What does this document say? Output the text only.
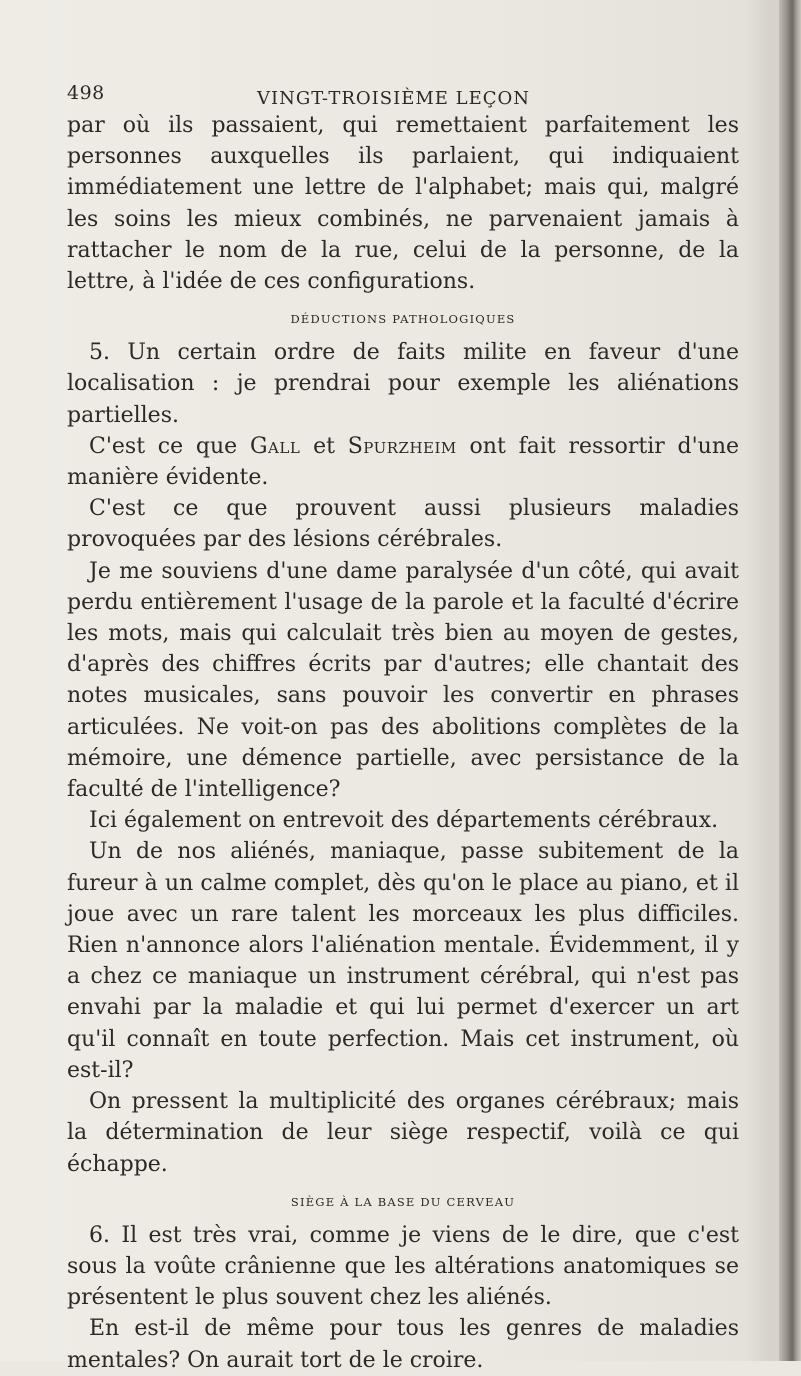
498	VINGT-TROISIÈME LEÇON

par où ils passaient, qui remettaient parfaitement les personnes auxquelles ils parlaient, qui indiquaient immédiatement une lettre de l'alphabet; mais qui, malgré les soins les mieux combinés, ne parvenaient jamais à rattacher le nom de la rue, celui de la personne, de la lettre, à l'idée de ces configurations.

DÉDUCTIONS PATHOLOGIQUES

5. Un certain ordre de faits milite en faveur d'une localisation : je prendrai pour exemple les aliénations partielles.

C'est ce que Gall et Spurzheim ont fait ressortir d'une manière évidente.

C'est ce que prouvent aussi plusieurs maladies provoquées par des lésions cérébrales.

Je me souviens d'une dame paralysée d'un côté, qui avait perdu entièrement l'usage de la parole et la faculté d'écrire les mots, mais qui calculait très bien au moyen de gestes, d'après des chiffres écrits par d'autres; elle chantait des notes musicales, sans pouvoir les convertir en phrases articulées. Ne voit-on pas des abolitions complètes de la mémoire, une démence partielle, avec persistance de la faculté de l'intelligence?

Ici également on entrevoit des départements cérébraux.

Un de nos aliénés, maniaque, passe subitement de la fureur à un calme complet, dès qu'on le place au piano, et il joue avec un rare talent les morceaux les plus difficiles. Rien n'annonce alors l'aliénation mentale. Évidemment, il y a chez ce maniaque un instrument cérébral, qui n'est pas envahi par la maladie et qui lui permet d'exercer un art qu'il connaît en toute perfection. Mais cet instrument, où est-il?

On pressent la multiplicité des organes cérébraux; mais la détermination de leur siège respectif, voilà ce qui échappe.

SIÈGE À LA BASE DU CERVEAU

6. Il est très vrai, comme je viens de le dire, que c'est sous la voûte crânienne que les altérations anatomiques se présentent le plus souvent chez les aliénés.

En est-il de même pour tous les genres de maladies mentales? On aurait tort de le croire.
